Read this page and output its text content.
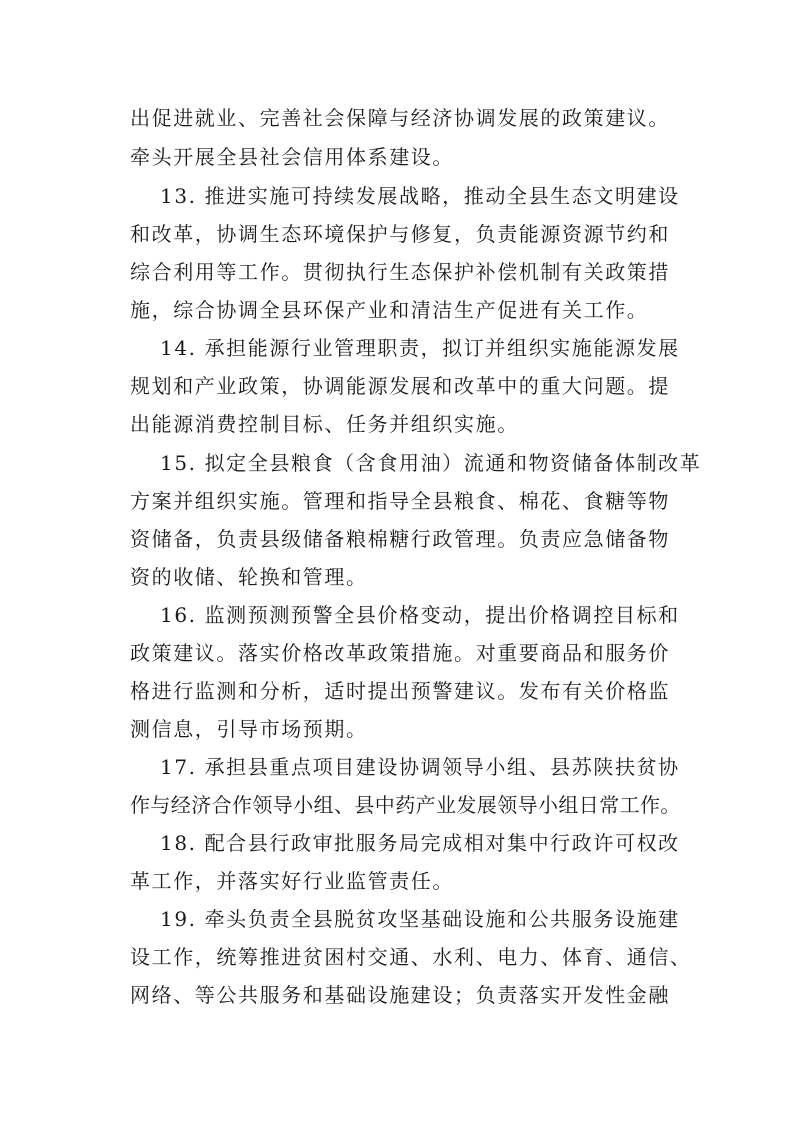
出促进就业、完善社会保障与经济协调发展的政策建议。
牵头开展全县社会信用体系建设。
13. 推进实施可持续发展战略，推动全县生态文明建设
和改革，协调生态环境保护与修复，负责能源资源节约和
综合利用等工作。贯彻执行生态保护补偿机制有关政策措
施，综合协调全县环保产业和清洁生产促进有关工作。
14. 承担能源行业管理职责，拟订并组织实施能源发展
规划和产业政策，协调能源发展和改革中的重大问题。提
出能源消费控制目标、任务并组织实施。
15. 拟定全县粮食（含食用油）流通和物资储备体制改革
方案并组织实施。管理和指导全县粮食、棉花、食糖等物
资储备，负责县级储备粮棉糖行政管理。负责应急储备物
资的收储、轮换和管理。
16. 监测预测预警全县价格变动，提出价格调控目标和
政策建议。落实价格改革政策措施。对重要商品和服务价
格进行监测和分析，适时提出预警建议。发布有关价格监
测信息，引导市场预期。
17. 承担县重点项目建设协调领导小组、县苏陕扶贫协
作与经济合作领导小组、县中药产业发展领导小组日常工作。
18. 配合县行政审批服务局完成相对集中行政许可权改
革工作，并落实好行业监管责任。
19. 牵头负责全县脱贫攻坚基础设施和公共服务设施建
设工作，统筹推进贫困村交通、水利、电力、体育、通信、
网络、等公共服务和基础设施建设；负责落实开发性金融
